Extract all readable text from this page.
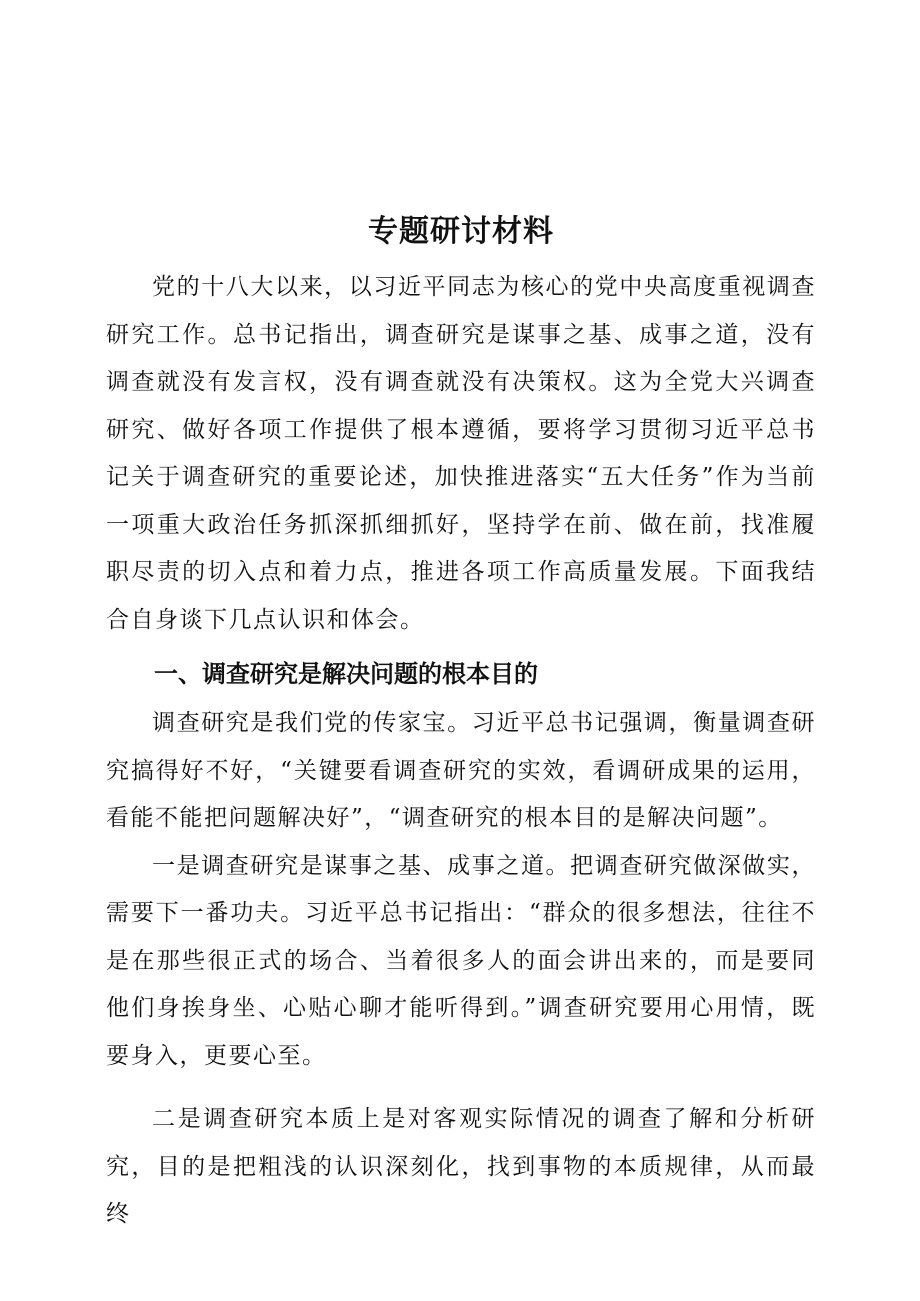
专题研讨材料

党的十八大以来，以习近平同志为核心的党中央高度重视调查研究工作。总书记指出，调查研究是谋事之基、成事之道，没有调查就没有发言权，没有调查就没有决策权。这为全党大兴调查研究、做好各项工作提供了根本遵循，要将学习贯彻习近平总书记关于调查研究的重要论述，加快推进落实“五大任务”作为当前一项重大政治任务抓深抓细抓好，坚持学在前、做在前，找准履职尽责的切入点和着力点，推进各项工作高质量发展。下面我结合自身谈下几点认识和体会。

一、调查研究是解决问题的根本目的

调查研究是我们党的传家宝。习近平总书记强调，衡量调查研究搞得好不好，“关键要看调查研究的实效，看调研成果的运用，看能不能把问题解决好”，“调查研究的根本目的是解决问题”。

一是调查研究是谋事之基、成事之道。把调查研究做深做实，需要下一番功夫。习近平总书记指出：“群众的很多想法，往往不是在那些很正式的场合、当着很多人的面会讲出来的，而是要同他们身挨身坐、心贴心聊才能听得到。”调查研究要用心用情，既要身入，更要心至。

二是调查研究本质上是对客观实际情况的调查了解和分析研究，目的是把粗浅的认识深刻化，找到事物的本质规律，从而最终
